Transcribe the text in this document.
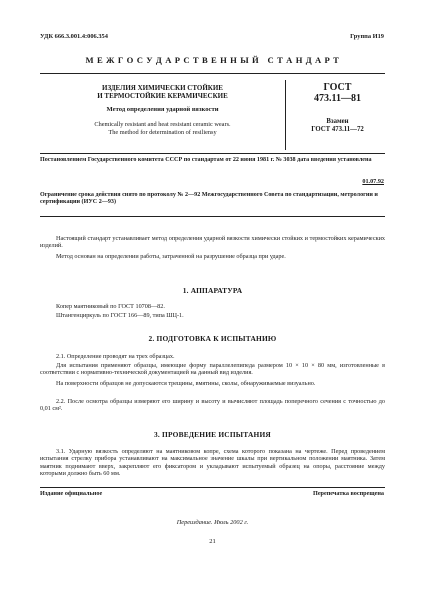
УДК 666.3.001.4:006.354	Группа И19
М Е Ж Г О С У Д А Р С Т В Е Н Н Ы Й   С Т А Н Д А Р Т
ИЗДЕЛИЯ ХИМИЧЕСКИ СТОЙКИЕ
И ТЕРМОСТОЙКИЕ КЕРАМИЧЕСКИЕ
Метод определения ударной вязкости
Chemically resistant and heat resistant ceramic wears.
The method for determination of resiliensy
ГОСТ
473.11—81
Взамен
ГОСТ 473.11—72
Постановлением Государственного комитета СССР по стандартам от 22 июня 1981 г. № 3038 дата введения установлена
01.07.92
Ограничение срока действия снято по протоколу № 2—92 Межгосударственного Совета по стандартизации, метрологии и сертификации (ИУС 2—93)
Настоящий стандарт устанавливает метод определения ударной вязкости химически стойких и термостойких керамических изделий.
Метод основан на определении работы, затраченной на разрушение образца при ударе.
1. АППАРАТУРА
Копер маятниковый по ГОСТ 10708—82.
Штангенциркуль по ГОСТ 166—89, типа ШЦ-1.
2. ПОДГОТОВКА К ИСПЫТАНИЮ
2.1. Определение проводят на трех образцах.
Для испытания применяют образцы, имеющие форму параллелепипеда размером 10 × 10 × 80 мм, изготовленные в соответствии с нормативно-технической документацией на данный вид изделия.
На поверхности образцов не допускаются трещины, вмятины, сколы, обнаруживаемые визуально.
2.2. После осмотра образцы измеряют его ширину и высоту и вычисляют площадь поперечного сечения с точностью до 0,01 см².
3. ПРОВЕДЕНИЕ ИСПЫТАНИЯ
3.1. Ударную вязкость определяют на маятниковом копре, схема которого показана на чертеже. Перед проведением испытания стрелку прибора устанавливают на максимальное значение шкалы при вертикальном положении маятника. Затем маятник поднимают вверх, закрепляют его фиксатором и укладывают испытуемый образец на опоры, расстояние между которыми должно быть 60 мм.
Издание официальное	Перепечатка воспрещена
Переиздание. Июль 2002 г.
21
